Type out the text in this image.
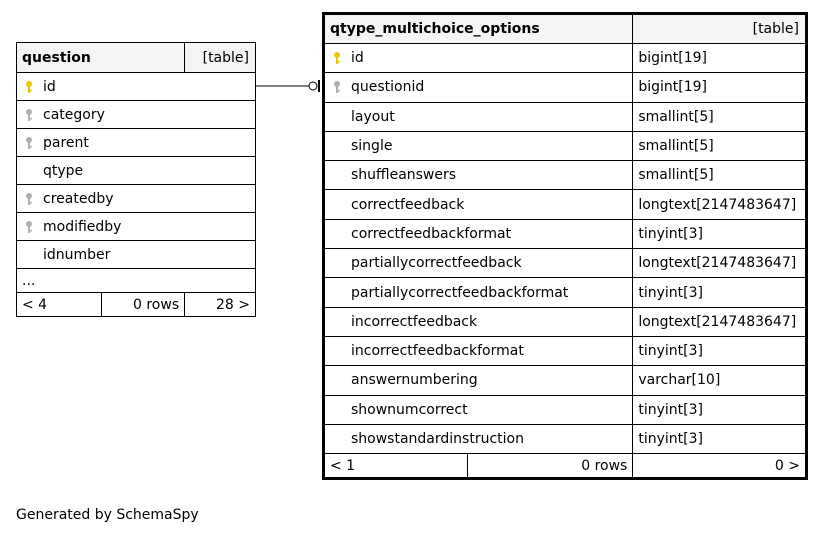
question		[table]
id		
category		
parent		
qtype		
createdby		
modifiedby		
idnumber		
...		
< 4	0 rows	28 >
qtype_multichoice_options		[table]
id		bigint[19]
questionid		bigint[19]
layout		smallint[5]
single		smallint[5]
shuffleanswers		smallint[5]
correctfeedback		longtext[2147483647]
correctfeedbackformat		tinyint[3]
partiallycorrectfeedback		longtext[2147483647]
partiallycorrectfeedbackformat		tinyint[3]
incorrectfeedback		longtext[2147483647]
incorrectfeedbackformat		tinyint[3]
answernumbering		varchar[10]
shownumcorrect		tinyint[3]
showstandardinstruction		tinyint[3]
< 1	0 rows	0 >
Generated by SchemaSpy
